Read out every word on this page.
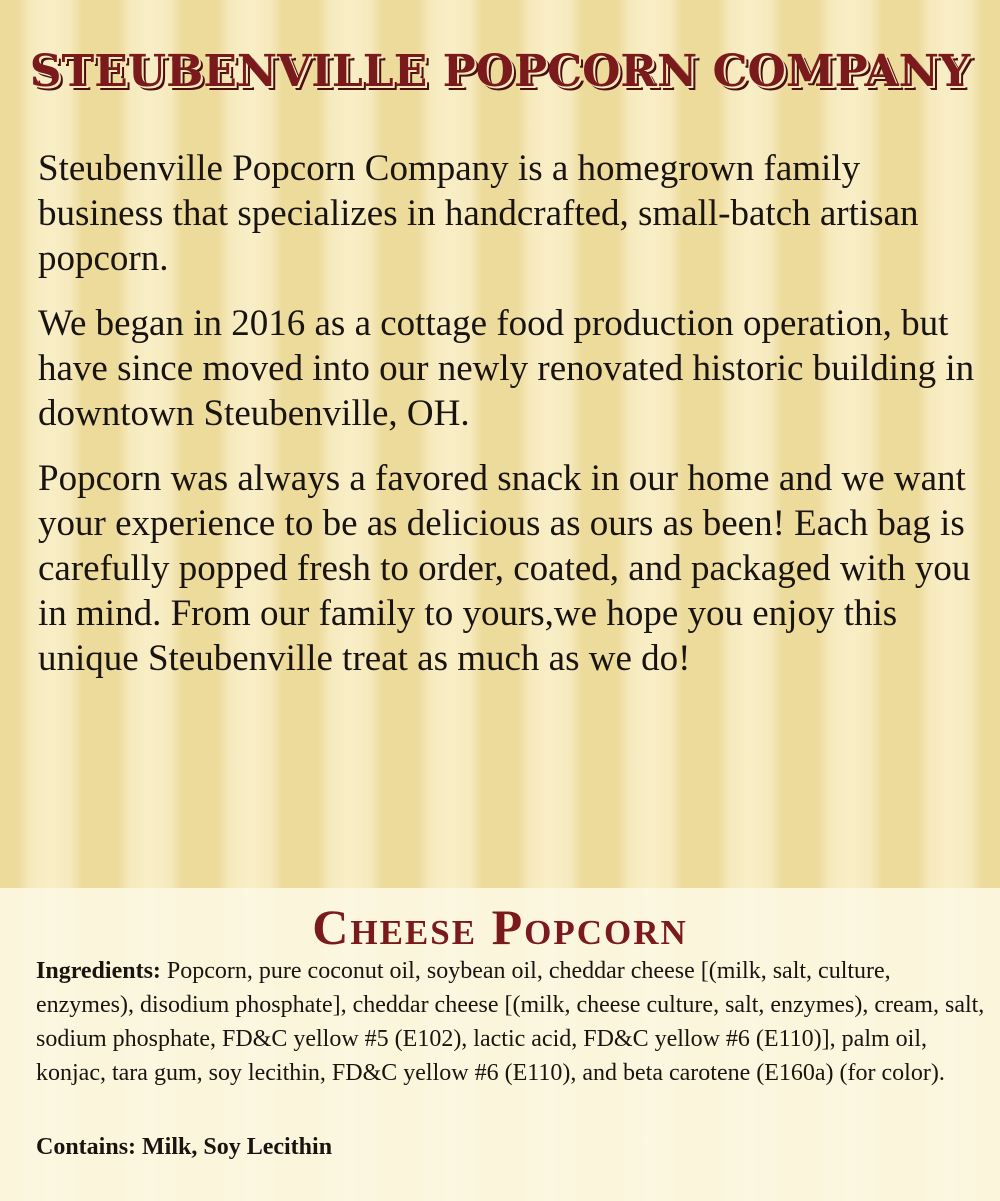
STEUBENVILLE POPCORN COMPANY

Steubenville Popcorn Company is a homegrown family business that specializes in handcrafted, small-batch artisan popcorn.

We began in 2016 as a cottage food production operation, but have since moved into our newly renovated historic building in downtown Steubenville, OH.

Popcorn was always a favored snack in our home and we want your experience to be as delicious as ours as been! Each bag is carefully popped fresh to order, coated, and packaged with you in mind. From our family to yours,we hope you enjoy this unique Steubenville treat as much as we do!

Cheese Popcorn

Ingredients: Popcorn, pure coconut oil, soybean oil, cheddar cheese [(milk, salt, culture, enzymes), disodium phosphate], cheddar cheese [(milk, cheese culture, salt, enzymes), cream, salt, sodium phosphate, FD&C yellow #5 (E102), lactic acid, FD&C yellow #6 (E110)], palm oil, konjac, tara gum, soy lecithin, FD&C yellow #6 (E110), and beta carotene (E160a) (for color).

Contains: Milk, Soy Lecithin
